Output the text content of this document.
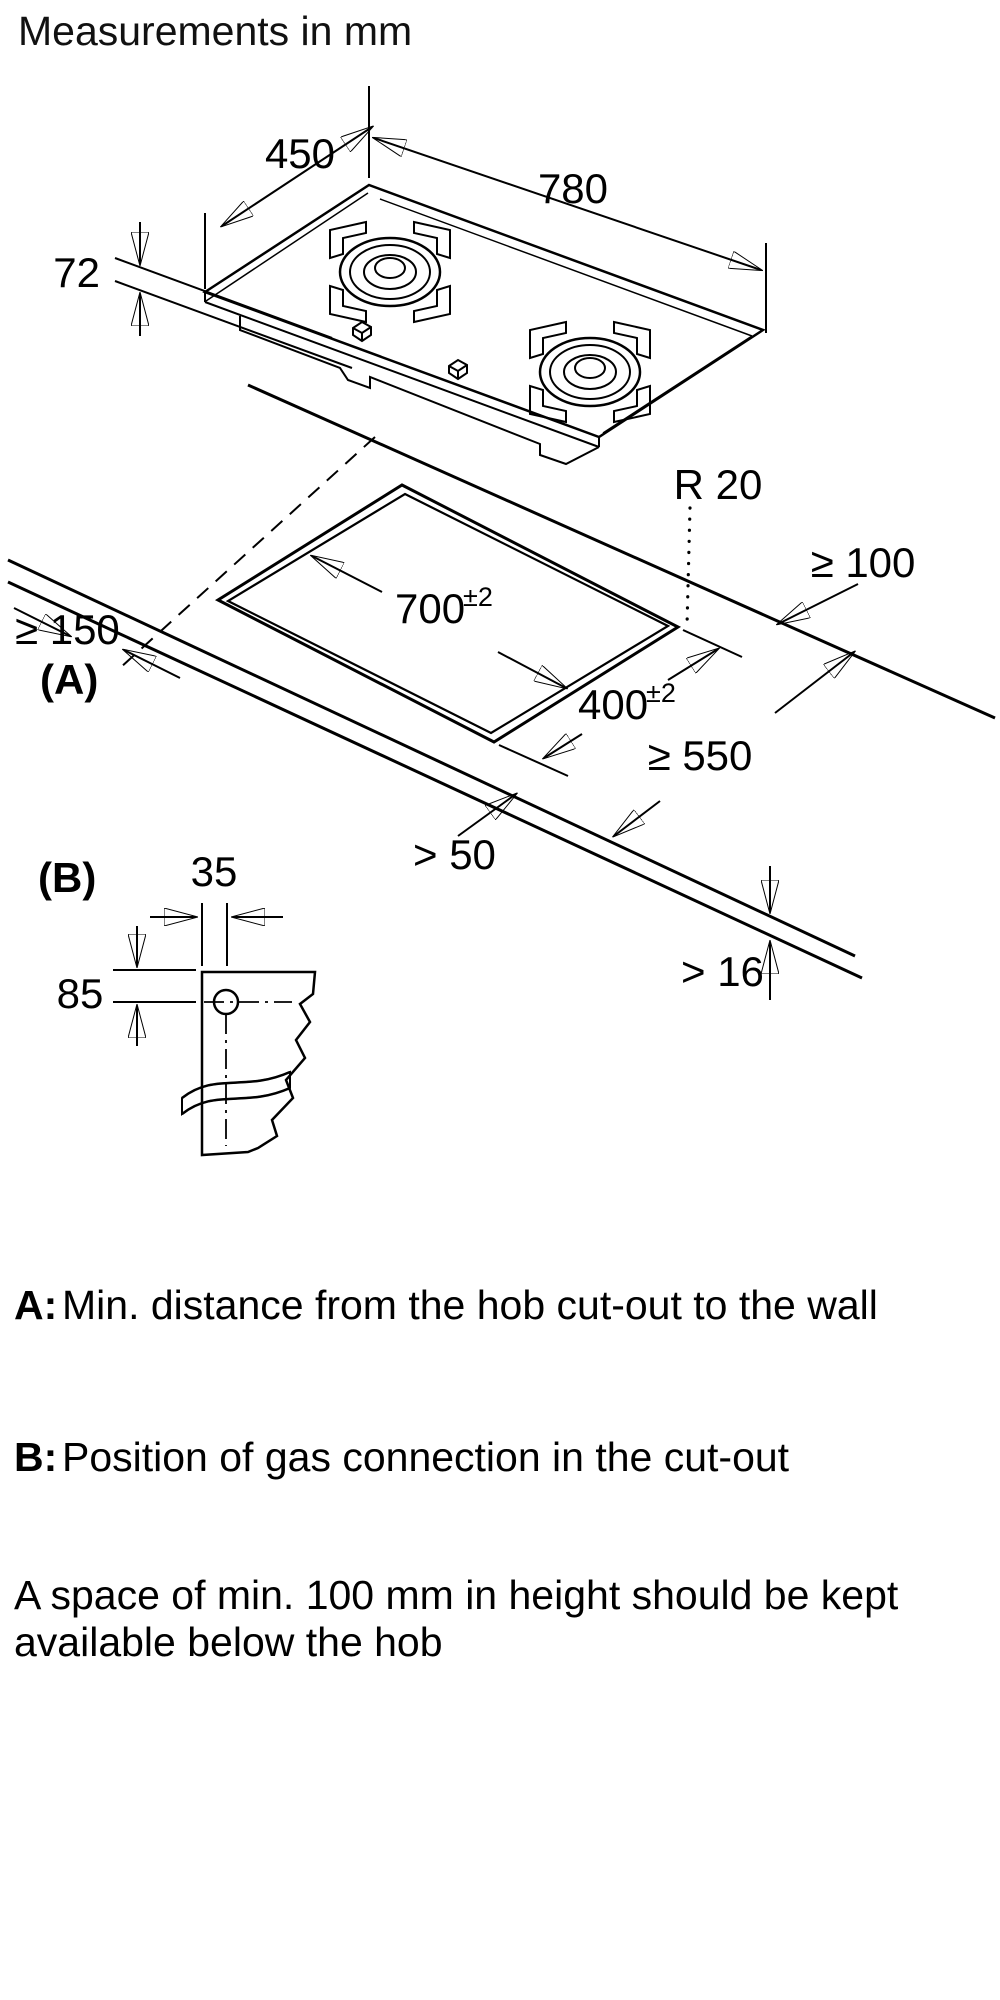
Measurements in mm
450
780
72
700
±2
400
±2
R 20
≥ 100
≥ 150
(A)
≥ 550
> 50
> 16
(B) 35
85
A: Min. distance from the hob cut-out to the wall
B: Position of gas connection in the cut-out
A space of min. 100 mm in height should be kept available below the hob
